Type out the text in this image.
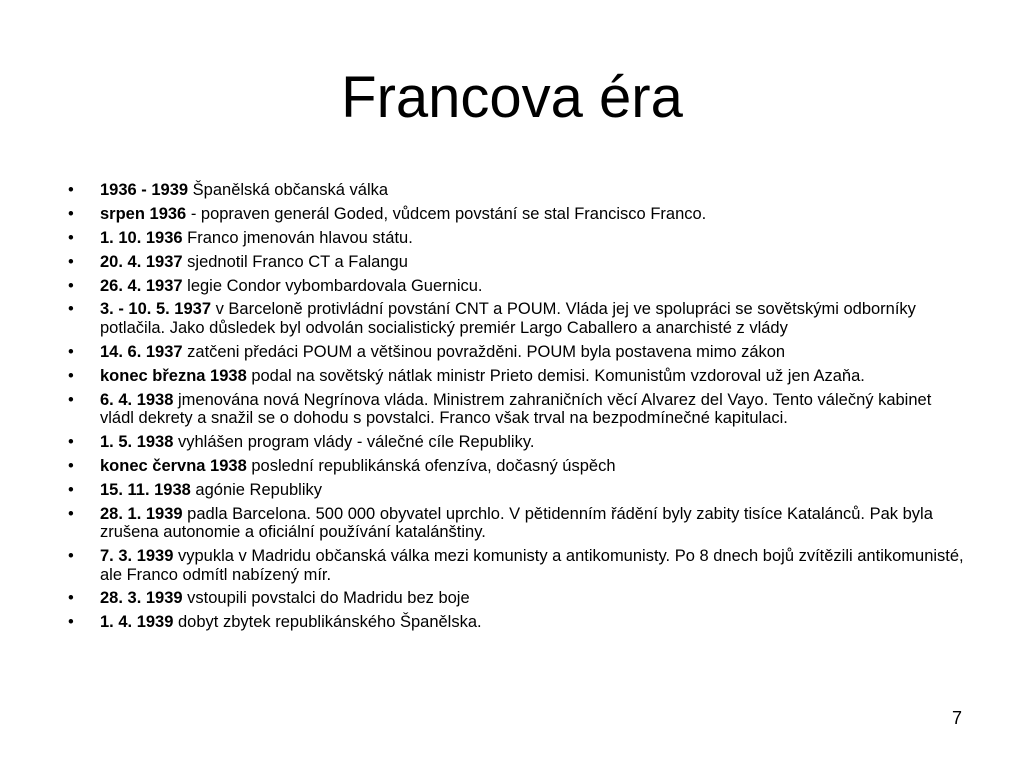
Francova éra
• 1936 - 1939 Španělská občanská válka
• srpen 1936 - popraven generál Goded, vůdcem povstání se stal Francisco Franco.
• 1. 10. 1936 Franco jmenován hlavou státu.
• 20. 4. 1937 sjednotil Franco CT a Falangu
• 26. 4. 1937 legie Condor vybombardovala Guernicu.
• 3. - 10. 5. 1937 v Barceloně protivládní povstání CNT a POUM. Vláda jej ve spolupráci se sovětskými odborníky potlačila. Jako důsledek byl odvolán socialistický premiér Largo Caballero a anarchisté z vlády
• 14. 6. 1937 zatčeni předáci POUM a většinou povražděni. POUM byla postavena mimo zákon
• konec března 1938 podal na sovětský nátlak ministr Prieto demisi. Komunistům vzdoroval už jen Azaňa.
• 6. 4. 1938 jmenována nová Negrínova vláda. Ministrem zahraničních věcí Alvarez del Vayo. Tento válečný kabinet vládl dekrety a snažil se o dohodu s povstalci. Franco však trval na bezpodmínečné kapitulaci.
• 1. 5. 1938 vyhlášen program vlády - válečné cíle Republiky.
• konec června 1938 poslední republikánská ofenzíva, dočasný úspěch
• 15. 11. 1938 agónie Republiky
• 28. 1. 1939 padla Barcelona. 500 000 obyvatel uprchlo. V pětidenním řádění byly zabity tisíce Katalánců. Pak byla zrušena autonomie a oficiální používání katalánštiny.
• 7. 3. 1939 vypukla v Madridu občanská válka mezi komunisty a antikomunisty. Po 8 dnech bojů zvítězili antikomunisté, ale Franco odmítl nabízený mír.
• 28. 3. 1939 vstoupili povstalci do Madridu bez boje
• 1. 4. 1939 dobyt zbytek republikánského Španělska.
7
